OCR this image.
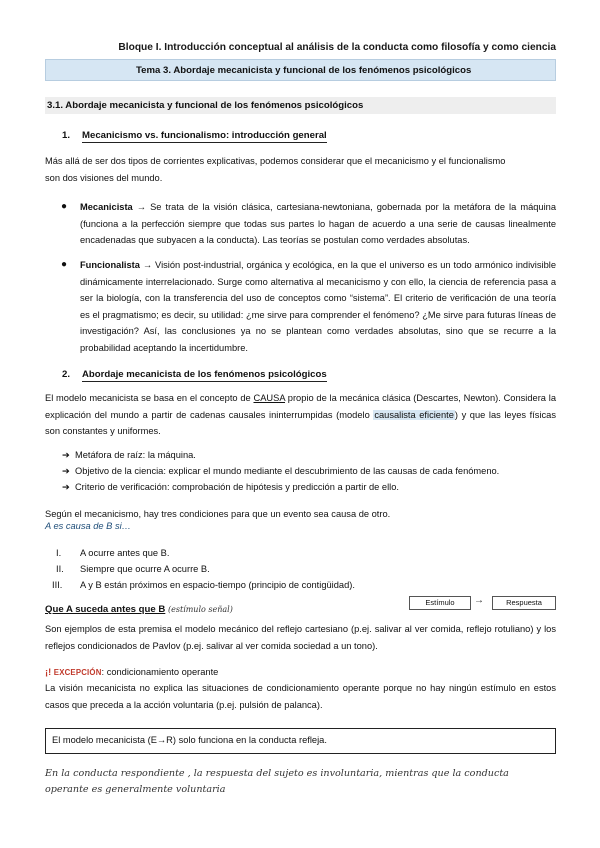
Bloque I. Introducción conceptual al análisis de la conducta como filosofía y como ciencia
Tema 3. Abordaje mecanicista y funcional de los fenómenos psicológicos
3.1. Abordaje mecanicista y funcional de los fenómenos psicológicos
1. Mecanicismo vs. funcionalismo: introducción general
Más allá de ser dos tipos de corrientes explicativas, podemos considerar que el mecanicismo y el funcionalismo son dos visiones del mundo.
● Mecanicista → Se trata de la visión clásica, cartesiana-newtoniana, gobernada por la metáfora de la máquina (funciona a la perfección siempre que todas sus partes lo hagan de acuerdo a una serie de causas linealmente encadenadas que subyacen a la conducta). Las teorías se postulan como verdades absolutas.
● Funcionalista → Visión post-industrial, orgánica y ecológica, en la que el universo es un todo armónico indivisible dinámicamente interrelacionado. Surge como alternativa al mecanicismo y con ello, la ciencia de referencia pasa a ser la biología, con la transferencia del uso de conceptos como “sistema”. El criterio de verificación de una teoría es el pragmatismo; es decir, su utilidad: ¿me sirve para comprender el fenómeno? ¿Me sirve para futuras líneas de investigación? Así, las conclusiones ya no se plantean como verdades absolutas, sino que se recurre a la probabilidad aceptando la incertidumbre.
2. Abordaje mecanicista de los fenómenos psicológicos
El modelo mecanicista se basa en el concepto de CAUSA propio de la mecánica clásica (Descartes, Newton). Considera la explicación del mundo a partir de cadenas causales ininterrumpidas (modelo causalista eficiente) y que las leyes físicas son constantes y uniformes.
➔ Metáfora de raíz: la máquina.
➔ Objetivo de la ciencia: explicar el mundo mediante el descubrimiento de las causas de cada fenómeno.
➔ Criterio de verificación: comprobación de hipótesis y predicción a partir de ello.
Según el mecanicismo, hay tres condiciones para que un evento sea causa de otro.
A es causa de B si…
I. A ocurre antes que B.
II. Siempre que ocurre A ocurre B.
III. A y B están próximos en espacio-tiempo (principio de contigüidad).
Que A suceda antes que B (estímulo señal)
Estímulo	→	Respuesta
Son ejemplos de esta premisa el modelo mecánico del reflejo cartesiano (p.ej. salivar al ver comida, reflejo rotuliano) y los reflejos condicionados de Pavlov (p.ej. salivar al ver comida sociedad a un tono).
¡! EXCEPCIÓN: condicionamiento operante
La visión mecanicista no explica las situaciones de condicionamiento operante porque no hay ningún estímulo en estos casos que preceda a la acción voluntaria (p.ej. pulsión de palanca).
El modelo mecanicista (E→R) solo funciona en la conducta refleja.
En la conducta respondiente , la respuesta del sujeto es involuntaria, mientras que la conducta
operante es generalmente voluntaria
